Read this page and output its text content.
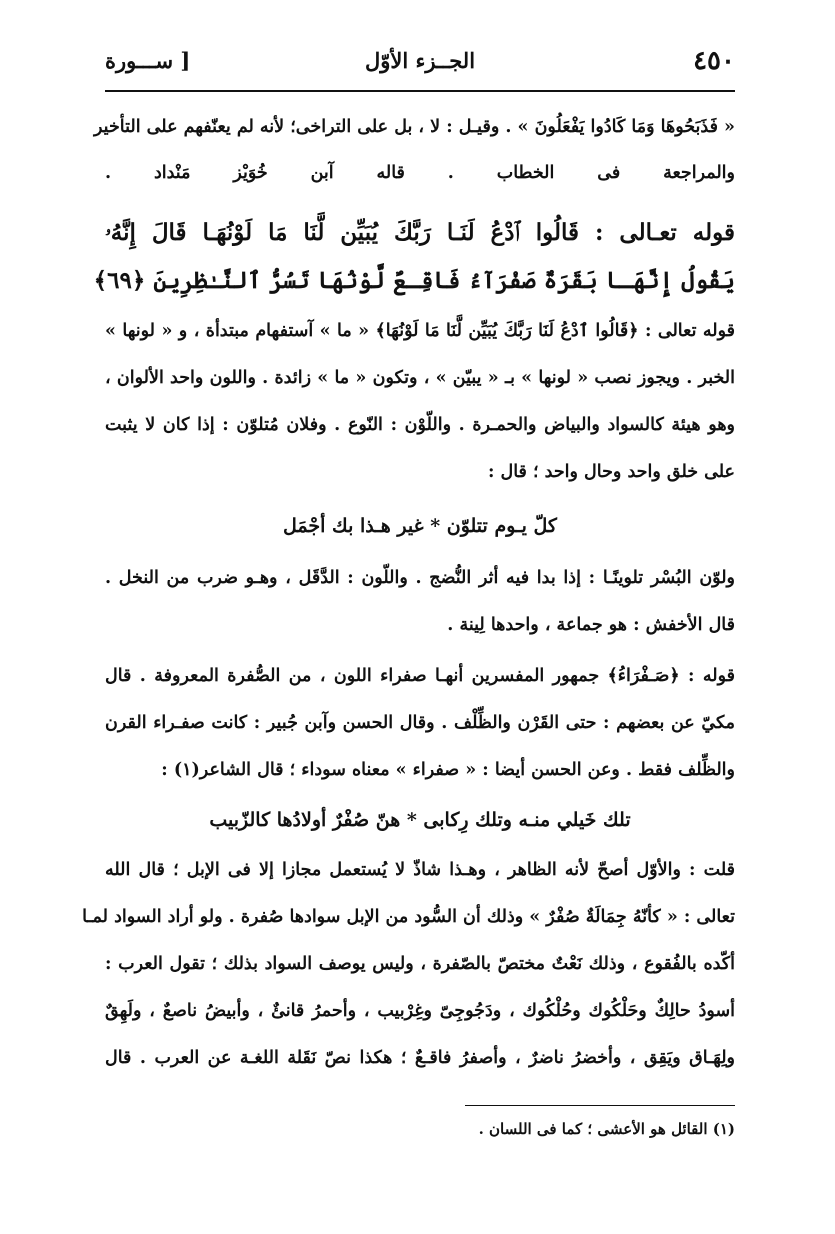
٤٥٠
الجــزء الأوّل
[ ســـورة
« فَذَبَحُوهَا وَمَا كَادُوا يَفْعَلُونَ » . وقيـل : لا ، بل على التراخى؛ لأنه لم يعنّفهم على التأخير
والمراجعة فى الخطاب . قاله آبن خُوَيْز مَنْداد .
قوله تعـالى : قَالُوا ٱدْعُ لَنَـا رَبَّكَ يُبَيِّن لَّنَا مَا لَوْنُهَـا قَالَ إِنَّهُۥ
يَقُولُ إِنَّهَـا بَقَرَةٌ صَفْرَآءُ فَاقِـعٌ لَّوْنُهَا تَسُرُّ ٱلنَّـٰظِرِينَ ﴿٦٩﴾
قوله تعالى : ﴿قَالُوا ٱدْعُ لَنَا رَبَّكَ يُبَيِّن لَّنَا مَا لَوْنُهَا﴾ « ما » آستفهام مبتدأة ، و « لونها »
الخبر . ويجوز نصب « لونها » بـ « يبيّن » ، وتكون « ما » زائدة . واللون واحد الألوان ،
وهو هيئة كالسواد والبياض والحمـرة . واللّوْن : النّوع . وفلان مُتلوّن : إذا كان لا يثبت
على خلق واحد وحال واحد ؛ قال :
كلّ يـوم تتلوّن * غير هـذا بك أجْمَل
ولوّن البُسْر تلوينًـا : إذا بدا فيه أثر النُّضج . واللّون : الدَّقَل ، وهـو ضرب من النخل .
قال الأخفش : هو جماعة ، واحدها لِينة .
قوله : ﴿صَـفْرَاءُ﴾ جمهور المفسرين أنهـا صفراء اللون ، من الصُّفرة المعروفة . قال
مكيّ عن بعضهم : حتى القَرْن والظِّلْف . وقال الحسن وآبن جُبير : كانت صفـراء القرن
والظِّلف فقط . وعن الحسن أيضا : « صفراء » معناه سوداء ؛ قال الشاعر(١) :
تلك خَيلي منـه وتلك رِكابى * هنّ صُفْرٌ أولادُها كالزّبيب
قلت : والأوّل أصحّ لأنه الظاهر ، وهـذا شاذّ لا يُستعمل مجازا إلا فى الإبل ؛ قال الله
تعالى : « كأنّهُ جِمَالَةٌ صُفْرٌ » وذلك أن السُّود من الإبل سوادها صُفرة . ولو أراد السواد لمـا
أكّده بالفُقوع ، وذلك نَعْتٌ مختصّ بالصّفرة ، وليس يوصف السواد بذلك ؛ تقول العرب :
أسودُ حالِكٌ وحَلْكُوك وحُلْكُوك ، ودَجُوجِىّ وغِرْبيب ، وأحمرُ قانئٌ ، وأبيضُ ناصعٌ ، ولَهِقٌ
ولِهَـاق ويَقِق ، وأخضرُ ناضرٌ ، وأصفرُ فاقـعٌ ؛ هكذا نصّ نَقَلة اللغـة عن العرب . قال
(١) القائل هو الأعشى ؛ كما فى اللسان .
